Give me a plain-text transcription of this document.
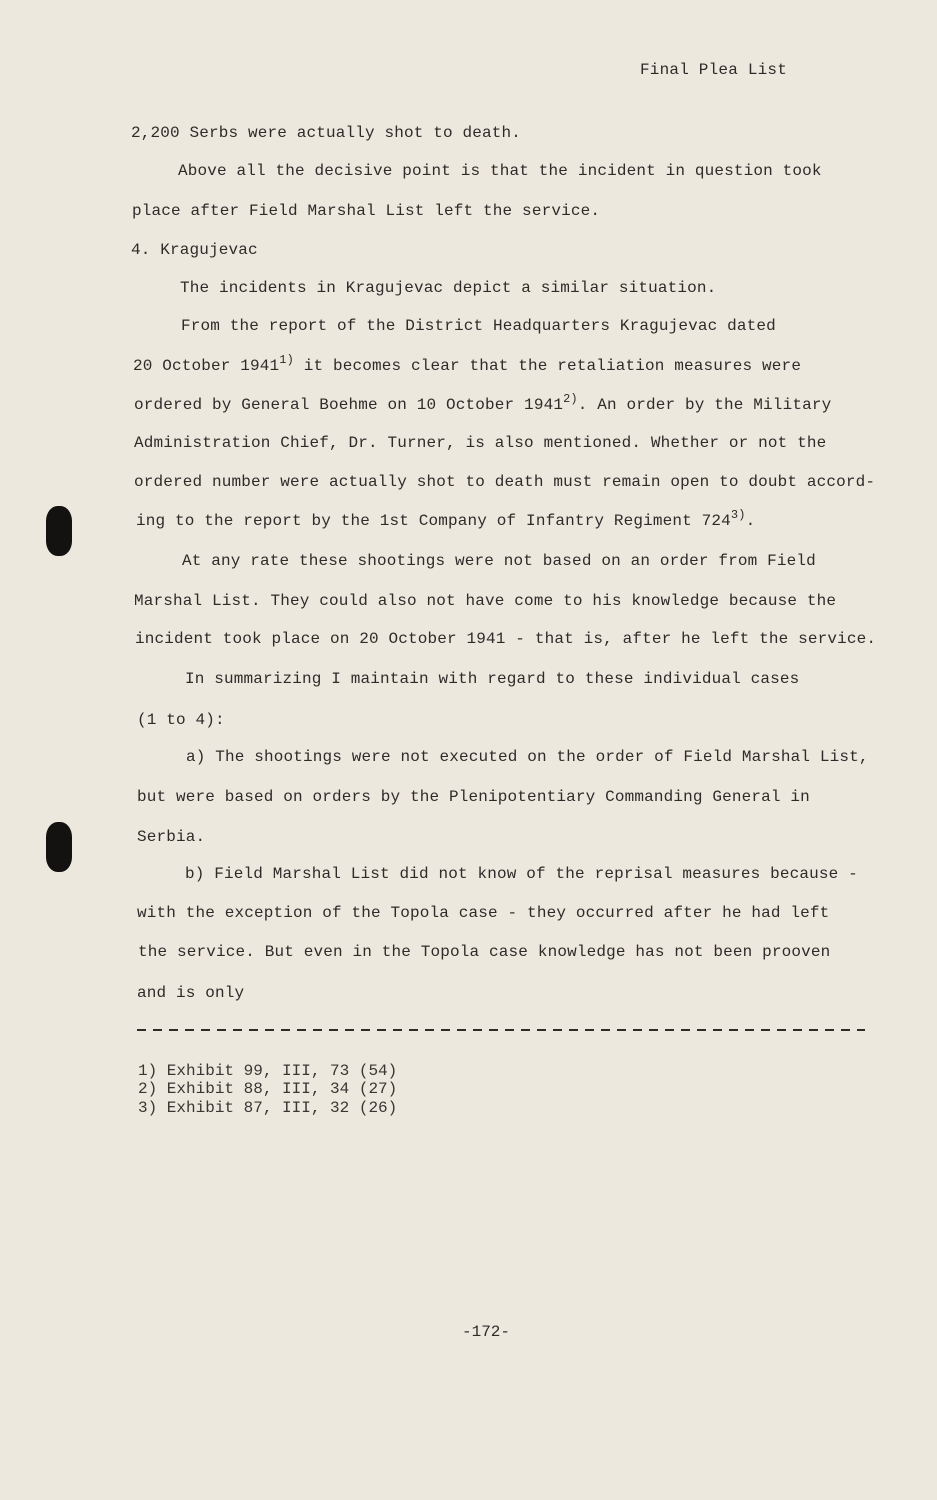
Final Plea List
2,200 Serbs were actually shot to death.
Above all the decisive point is that the incident in question took
place after Field Marshal List left the service.
4. Kragujevac
The incidents in Kragujevac depict a similar situation.
From the report of the District Headquarters Kragujevac dated
20 October 1941$^{1)}$ it becomes clear that the retaliation measures were
ordered by General Boehme on 10 October 1941$^{2)}$. An order by the Military
Administration Chief, Dr. Turner, is also mentioned. Whether or not the
ordered number were actually shot to death must remain open to doubt accord-
ing to the report by the 1st Company of Infantry Regiment 724$^{3)}$.
At any rate these shootings were not based on an order from Field
Marshal List. They could also not have come to his knowledge because the
incident took place on 20 October 1941 - that is, after he left the service.
In summarizing I maintain with regard to these individual cases
(1 to 4):
a) The shootings were not executed on the order of Field Marshal List,
but were based on orders by the Plenipotentiary Commanding General in
Serbia.
b) Field Marshal List did not know of the reprisal measures because -
with the exception of the Topola case - they occurred after he had left
the service. But even in the Topola case knowledge has not been prooven
and is only
1) Exhibit 99, III, 73 (54)
2) Exhibit 88, III, 34 (27)
3) Exhibit 87, III, 32 (26)
-172-
